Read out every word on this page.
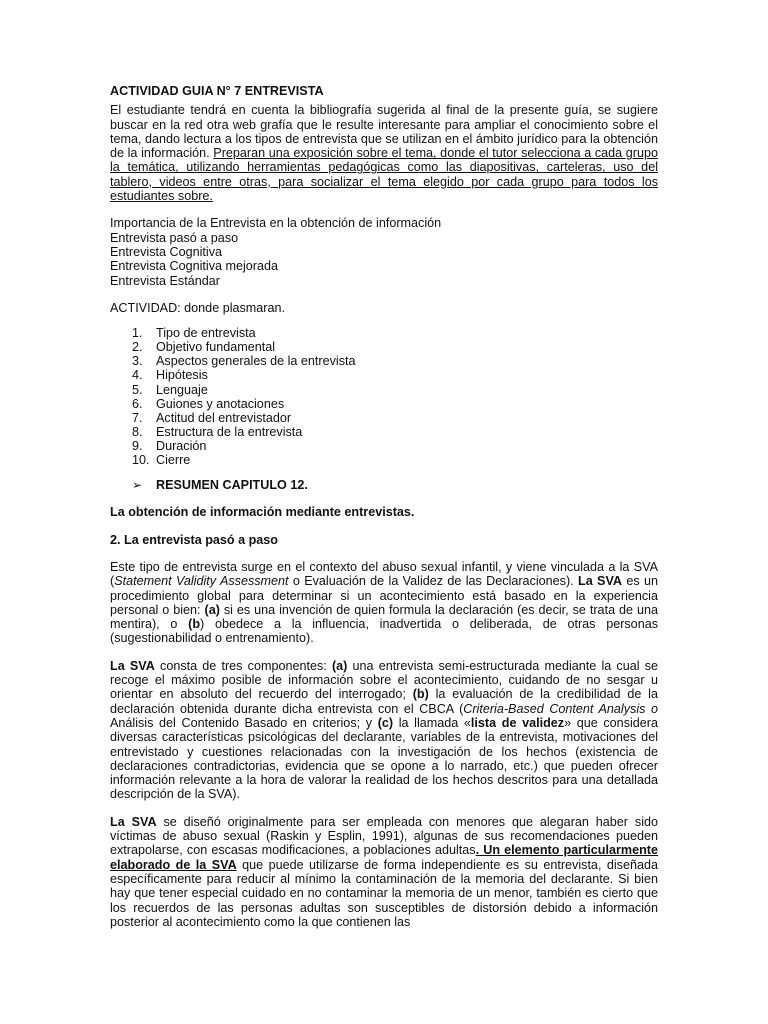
ACTIVIDAD GUIA N° 7 ENTREVISTA

El estudiante tendrá en cuenta la bibliografía sugerida al final de la presente guía, se sugiere buscar en la red otra web grafía que le resulte interesante para ampliar el conocimiento sobre el tema, dando lectura a los tipos de entrevista que se utilizan en el ámbito jurídico para la obtención de la información. Preparan una exposición sobre el tema, donde el tutor selecciona a cada grupo la temática, utilizando herramientas pedagógicas como las diapositivas, carteleras, uso del tablero, videos entre otras, para socializar el tema elegido por cada grupo para todos los estudiantes sobre.

Importancia de la Entrevista en la obtención de información
Entrevista pasó a paso
Entrevista Cognitiva
Entrevista Cognitiva mejorada
Entrevista Estándar

ACTIVIDAD: donde plasmaran.

1.	Tipo de entrevista
2.	Objetivo fundamental
3.	Aspectos generales de la entrevista
4.	Hipótesis
5.	Lenguaje
6.	Guiones y anotaciones
7.	Actitud del entrevistador
8.	Estructura de la entrevista
9.	Duración
10. Cierre

➢ RESUMEN CAPITULO 12.

La obtención de información mediante entrevistas.

2. La entrevista pasó a paso

Este tipo de entrevista surge en el contexto del abuso sexual infantil, y viene vinculada a la SVA (Statement Validity Assessment o Evaluación de la Validez de las Declaraciones). La SVA es un procedimiento global para determinar si un acontecimiento está basado en la experiencia personal o bien: (a) si es una invención de quien formula la declaración (es decir, se trata de una mentira), o (b) obedece a la influencia, inadvertida o deliberada, de otras personas (sugestionabilidad o entrenamiento).

La SVA consta de tres componentes: (a) una entrevista semi-estructurada mediante la cual se recoge el máximo posible de información sobre el acontecimiento, cuidando de no sesgar u orientar en absoluto del recuerdo del interrogado; (b) la evaluación de la credibilidad de la declaración obtenida durante dicha entrevista con el CBCA (Criteria-Based Content Analysis o Análisis del Contenido Basado en criterios; y (c) la llamada «lista de validez» que considera diversas características psicológicas del declarante, variables de la entrevista, motivaciones del entrevistado y cuestiones relacionadas con la investigación de los hechos (existencia de declaraciones contradictorias, evidencia que se opone a lo narrado, etc.) que pueden ofrecer información relevante a la hora de valorar la realidad de los hechos descritos para una detallada descripción de la SVA).

La SVA se diseñó originalmente para ser empleada con menores que alegaran haber sido víctimas de abuso sexual (Raskin y Esplin, 1991), algunas de sus recomendaciones pueden extrapolarse, con escasas modificaciones, a poblaciones adultas. Un elemento particularmente elaborado de la SVA que puede utilizarse de forma independiente es su entrevista, diseñada específicamente para reducir al mínimo la contaminación de la memoria del declarante. Si bien hay que tener especial cuidado en no contaminar la memoria de un menor, también es cierto que los recuerdos de las personas adultas son susceptibles de distorsión debido a información posterior al acontecimiento como la que contienen las
